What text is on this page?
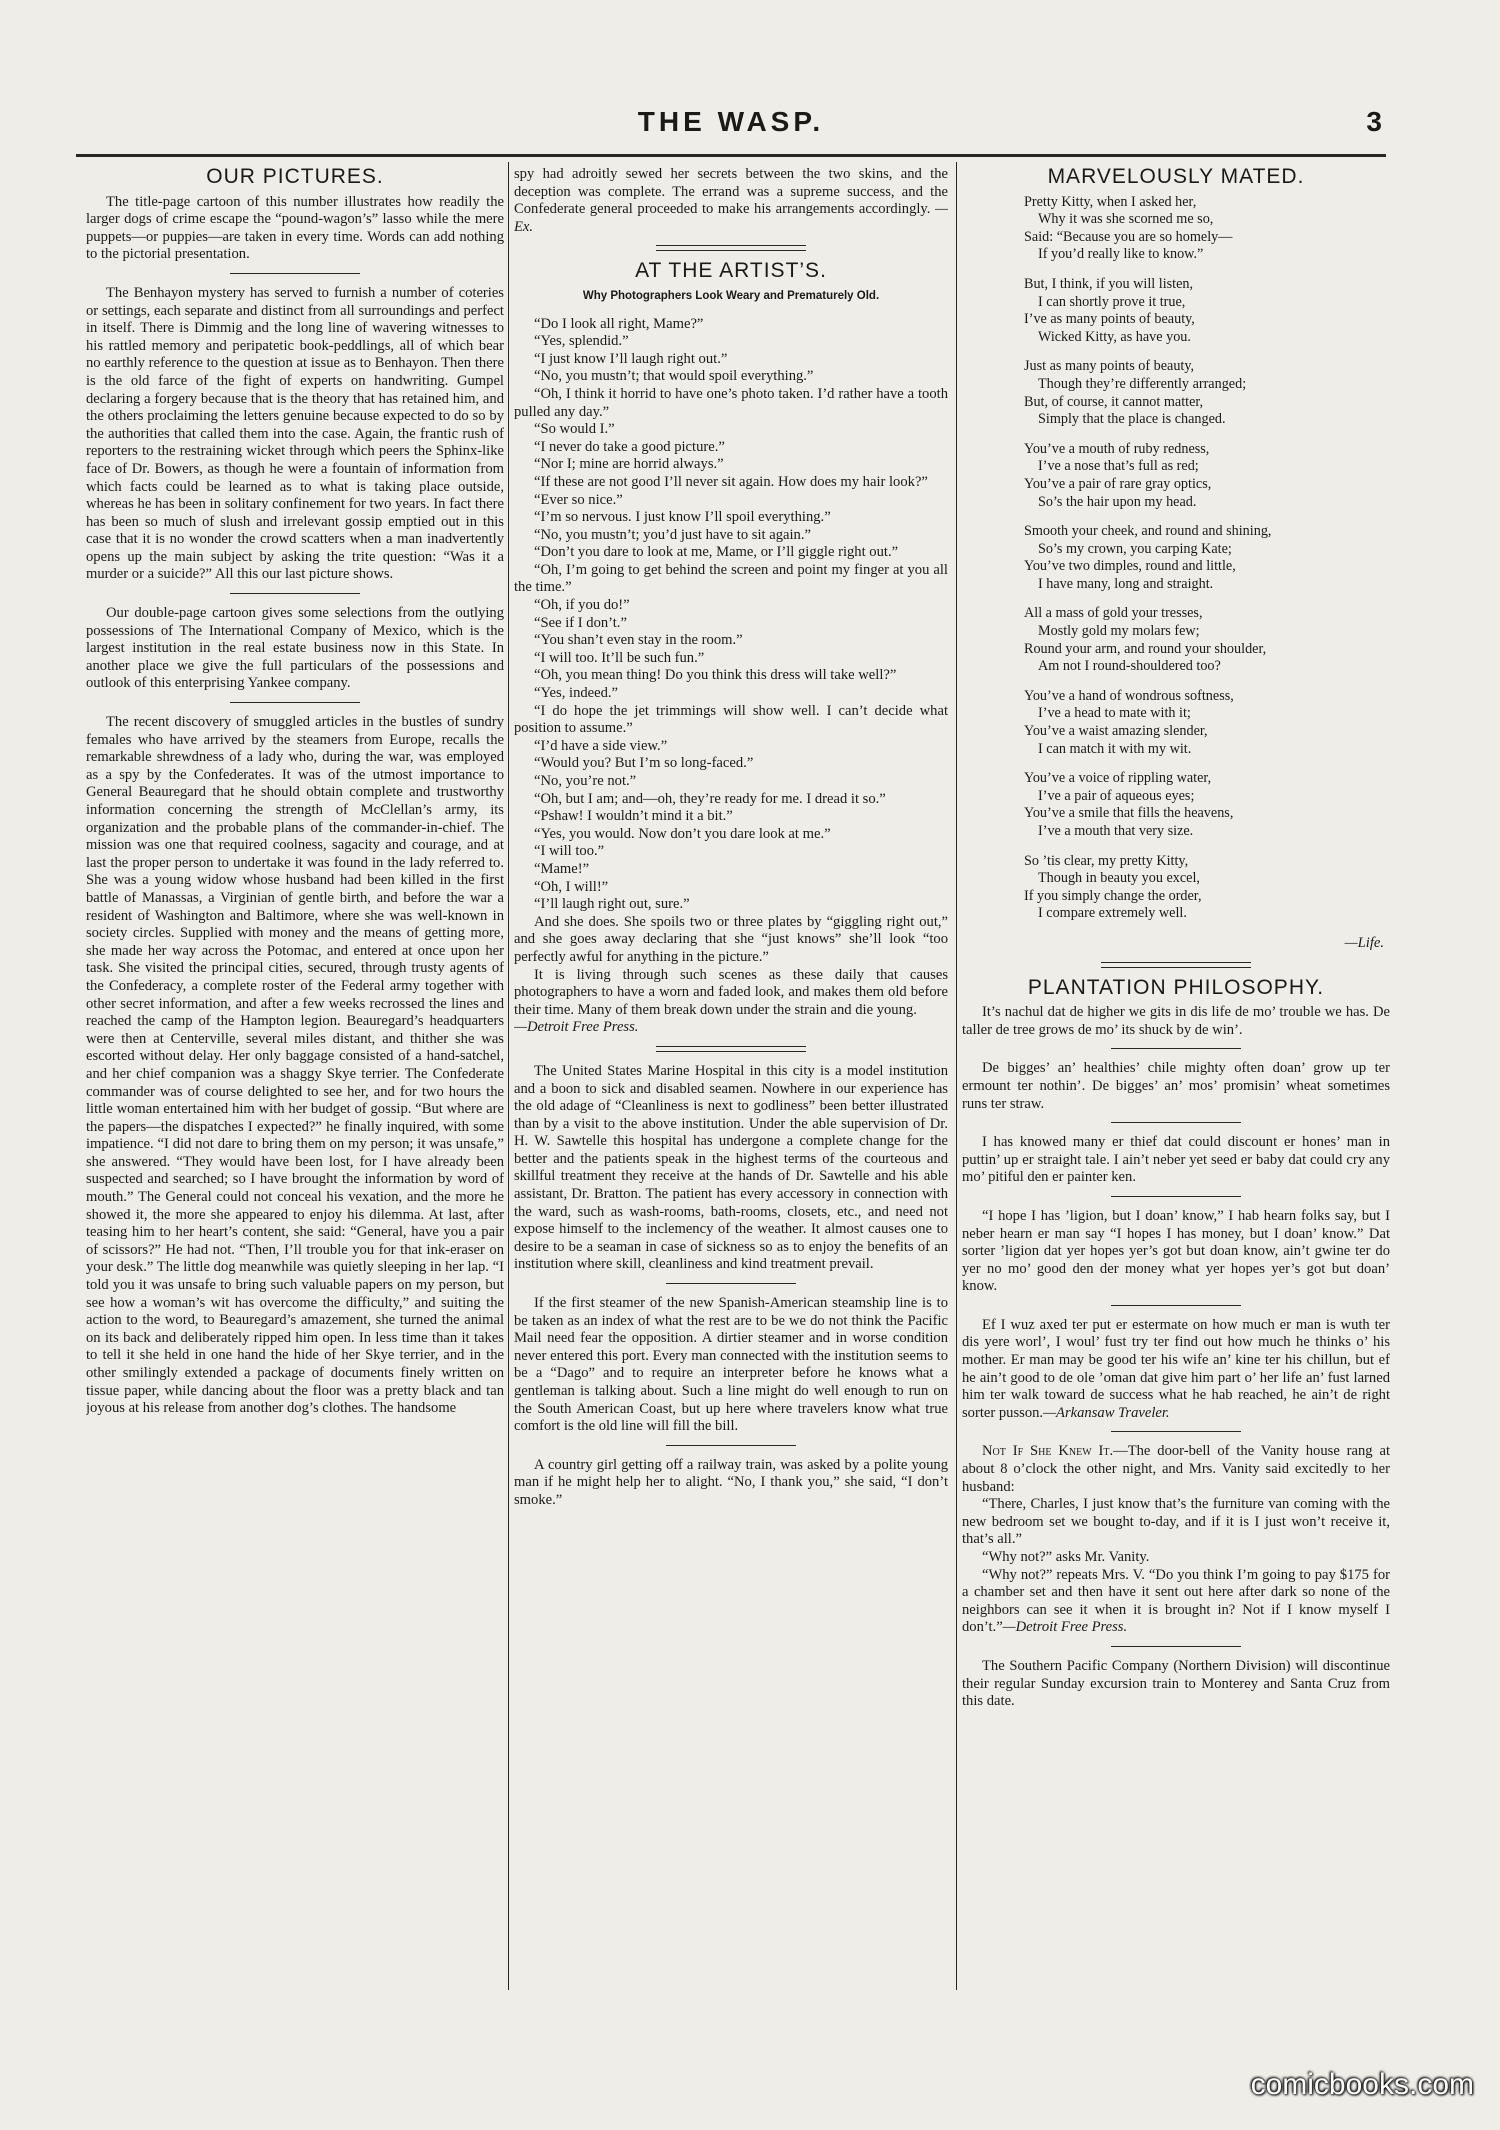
THE WASP.	3
OUR PICTURES.

The title-page cartoon of this number illustrates how readily the larger dogs of crime escape the “pound-wagon’s” lasso while the mere puppets—or puppies—are taken in every time. Words can add nothing to the pictorial presentation.

The Benhayon mystery has served to furnish a number of coteries or settings, each separate and distinct from all surroundings and perfect in itself. There is Dimmig and the long line of wavering witnesses to his rattled memory and peripatetic book-peddlings, all of which bear no earthly reference to the question at issue as to Benhayon. Then there is the old farce of the fight of experts on handwriting. Gumpel declaring a forgery because that is the theory that has retained him, and the others proclaiming the letters genuine because expected to do so by the authorities that called them into the case. Again, the frantic rush of reporters to the restraining wicket through which peers the Sphinx-like face of Dr. Bowers, as though he were a fountain of information from which facts could be learned as to what is taking place outside, whereas he has been in solitary confinement for two years. In fact there has been so much of slush and irrelevant gossip emptied out in this case that it is no wonder the crowd scatters when a man inadvertently opens up the main subject by asking the trite question: “Was it a murder or a suicide?” All this our last picture shows.

Our double-page cartoon gives some selections from the outlying possessions of The International Company of Mexico, which is the largest institution in the real estate business now in this State. In another place we give the full particulars of the possessions and outlook of this enterprising Yankee company.

The recent discovery of smuggled articles in the bustles of sundry females who have arrived by the steamers from Europe, recalls the remarkable shrewdness of a lady who, during the war, was employed as a spy by the Confederates. It was of the utmost importance to General Beauregard that he should obtain complete and trustworthy information concerning the strength of McClellan’s army, its organization and the probable plans of the commander-in-chief. The mission was one that required coolness, sagacity and courage, and at last the proper person to undertake it was found in the lady referred to. She was a young widow whose husband had been killed in the first battle of Manassas, a Virginian of gentle birth, and before the war a resident of Washington and Baltimore, where she was well-known in society circles. Supplied with money and the means of getting more, she made her way across the Potomac, and entered at once upon her task. She visited the principal cities, secured, through trusty agents of the Confederacy, a complete roster of the Federal army together with other secret information, and after a few weeks recrossed the lines and reached the camp of the Hampton legion. Beauregard’s headquarters were then at Centerville, several miles distant, and thither she was escorted without delay. Her only baggage consisted of a hand-satchel, and her chief companion was a shaggy Skye terrier. The Confederate commander was of course delighted to see her, and for two hours the little woman entertained him with her budget of gossip. “But where are the papers—the dispatches I expected?” he finally inquired, with some impatience. “I did not dare to bring them on my person; it was unsafe,” she answered. “They would have been lost, for I have already been suspected and searched; so I have brought the information by word of mouth.” The General could not conceal his vexation, and the more he showed it, the more she appeared to enjoy his dilemma. At last, after teasing him to her heart’s content, she said: “General, have you a pair of scissors?” He had not. “Then, I’ll trouble you for that ink-eraser on your desk.” The little dog meanwhile was quietly sleeping in her lap. “I told you it was unsafe to bring such valuable papers on my person, but see how a woman’s wit has overcome the difficulty,” and suiting the action to the word, to Beauregard’s amazement, she turned the animal on its back and deliberately ripped him open. In less time than it takes to tell it she held in one hand the hide of her Skye terrier, and in the other smilingly extended a package of documents finely written on tissue paper, while dancing about the floor was a pretty black and tan joyous at his release from another dog’s clothes. The handsome

spy had adroitly sewed her secrets between the two skins, and the deception was complete. The errand was a supreme success, and the Confederate general proceeded to make his arrangements accordingly. —Ex.

AT THE ARTIST’S.
Why Photographers Look Weary and Prematurely Old.

“Do I look all right, Mame?”

“Yes, splendid.”

“I just know I’ll laugh right out.”

“No, you mustn’t; that would spoil everything.”

“Oh, I think it horrid to have one’s photo taken. I’d rather have a tooth pulled any day.”

“So would I.”

“I never do take a good picture.”

“Nor I; mine are horrid always.”

“If these are not good I’ll never sit again. How does my hair look?”

“Ever so nice.”

“I’m so nervous. I just know I’ll spoil everything.”

“No, you mustn’t; you’d just have to sit again.”

“Don’t you dare to look at me, Mame, or I’ll giggle right out.”

“Oh, I’m going to get behind the screen and point my finger at you all the time.”

“Oh, if you do!”

“See if I don’t.”

“You shan’t even stay in the room.”

“I will too. It’ll be such fun.”

“Oh, you mean thing! Do you think this dress will take well?”

“Yes, indeed.”

“I do hope the jet trimmings will show well. I can’t decide what position to assume.”

“I’d have a side view.”

“Would you? But I’m so long-faced.”

“No, you’re not.”

“Oh, but I am; and—oh, they’re ready for me. I dread it so.”

“Pshaw! I wouldn’t mind it a bit.”

“Yes, you would. Now don’t you dare look at me.”

“I will too.”

“Mame!”

“Oh, I will!”

“I’ll laugh right out, sure.”

And she does. She spoils two or three plates by “giggling right out,” and she goes away declaring that she “just knows” she’ll look “too perfectly awful for anything in the picture.”

It is living through such scenes as these daily that causes photographers to have a worn and faded look, and makes them old before their time. Many of them break down under the strain and die young.

—Detroit Free Press.

The United States Marine Hospital in this city is a model institution and a boon to sick and disabled seamen. Nowhere in our experience has the old adage of “Cleanliness is next to godliness” been better illustrated than by a visit to the above institution. Under the able supervision of Dr. H. W. Sawtelle this hospital has undergone a complete change for the better and the patients speak in the highest terms of the courteous and skillful treatment they receive at the hands of Dr. Sawtelle and his able assistant, Dr. Bratton. The patient has every accessory in connection with the ward, such as wash-rooms, bath-rooms, closets, etc., and need not expose himself to the inclemency of the weather. It almost causes one to desire to be a seaman in case of sickness so as to enjoy the benefits of an institution where skill, cleanliness and kind treatment prevail.

If the first steamer of the new Spanish-American steamship line is to be taken as an index of what the rest are to be we do not think the Pacific Mail need fear the opposition. A dirtier steamer and in worse condition never entered this port. Every man connected with the institution seems to be a “Dago” and to require an interpreter before he knows what a gentleman is talking about. Such a line might do well enough to run on the South American Coast, but up here where travelers know what true comfort is the old line will fill the bill.

A country girl getting off a railway train, was asked by a polite young man if he might help her to alight. “No, I thank you,” she said, “I don’t smoke.”

MARVELOUSLY MATED.
Pretty Kitty, when I asked her,
Why it was she scorned me so,
Said: “Because you are so homely—
If you’d really like to know.”
But, I think, if you will listen,
I can shortly prove it true,
I’ve as many points of beauty,
Wicked Kitty, as have you.
Just as many points of beauty,
Though they’re differently arranged;
But, of course, it cannot matter,
Simply that the place is changed.
You’ve a mouth of ruby redness,
I’ve a nose that’s full as red;
You’ve a pair of rare gray optics,
So’s the hair upon my head.
Smooth your cheek, and round and shining,
So’s my crown, you carping Kate;
You’ve two dimples, round and little,
I have many, long and straight.
All a mass of gold your tresses,
Mostly gold my molars few;
Round your arm, and round your shoulder,
Am not I round-shouldered too?
You’ve a hand of wondrous softness,
I’ve a head to mate with it;
You’ve a waist amazing slender,
I can match it with my wit.
You’ve a voice of rippling water,
I’ve a pair of aqueous eyes;
You’ve a smile that fills the heavens,
I’ve a mouth that very size.
So ’tis clear, my pretty Kitty,
Though in beauty you excel,
If you simply change the order,
I compare extremely well.
—Life.
PLANTATION PHILOSOPHY.

It’s nachul dat de higher we gits in dis life de mo’ trouble we has. De taller de tree grows de mo’ its shuck by de win’.

De bigges’ an’ healthies’ chile mighty often doan’ grow up ter ermount ter nothin’. De bigges’ an’ mos’ promisin’ wheat sometimes runs ter straw.

I has knowed many er thief dat could discount er hones’ man in puttin’ up er straight tale. I ain’t neber yet seed er baby dat could cry any mo’ pitiful den er painter ken.

“I hope I has ’ligion, but I doan’ know,” I hab hearn folks say, but I neber hearn er man say “I hopes I has money, but I doan’ know.” Dat sorter ’ligion dat yer hopes yer’s got but doan know, ain’t gwine ter do yer no mo’ good den der money what yer hopes yer’s got but doan’ know.

Ef I wuz axed ter put er estermate on how much er man is wuth ter dis yere worl’, I woul’ fust try ter find out how much he thinks o’ his mother. Er man may be good ter his wife an’ kine ter his chillun, but ef he ain’t good to de ole ’oman dat give him part o’ her life an’ fust larned him ter walk toward de success what he hab reached, he ain’t de right sorter pusson.—Arkansaw Traveler.

Not If She Knew It.—The door-bell of the Vanity house rang at about 8 o’clock the other night, and Mrs. Vanity said excitedly to her husband:

“There, Charles, I just know that’s the furniture van coming with the new bedroom set we bought to-day, and if it is I just won’t receive it, that’s all.”

“Why not?” asks Mr. Vanity.

“Why not?” repeats Mrs. V. “Do you think I’m going to pay $175 for a chamber set and then have it sent out here after dark so none of the neighbors can see it when it is brought in? Not if I know myself I don’t.”—Detroit Free Press.

The Southern Pacific Company (Northern Division) will discontinue their regular Sunday excursion train to Monterey and Santa Cruz from this date.

comicbooks.com
